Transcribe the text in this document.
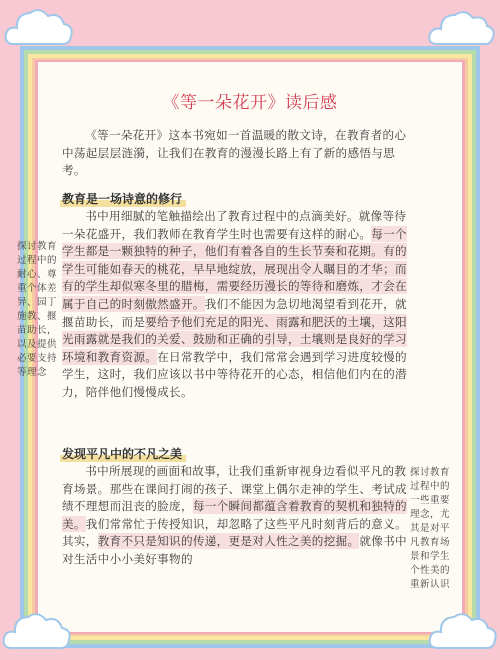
《等一朵花开》读后感

《等一朵花开》这本书宛如一首温暖的散文诗，在教育者的心中荡起层层涟漪，让我们在教育的漫漫长路上有了新的感悟与思考。

教育是一场诗意的修行

书中用细腻的笔触描绘出了教育过程中的点滴美好。就像等待一朵花盛开，我们教师在教育学生时也需要有这样的耐心。每一个学生都是一颗独特的种子，他们有着各自的生长节奏和花期。有的学生可能如春天的桃花，早早地绽放，展现出令人瞩目的才华；而有的学生却似寒冬里的腊梅，需要经历漫长的等待和磨炼，才会在属于自己的时刻傲然盛开。我们不能因为急切地渴望看到花开，就揠苗助长，而是要给予他们充足的阳光、雨露和肥沃的土壤，这阳光雨露就是我们的关爱、鼓励和正确的引导，土壤则是良好的学习环境和教育资源。在日常教学中，我们常常会遇到学习进度较慢的学生，这时，我们应该以书中等待花开的心态，相信他们内在的潜力，陪伴他们慢慢成长。

发现平凡中的不凡之美

书中所展现的画面和故事，让我们重新审视身边看似平凡的教育场景。那些在课间打闹的孩子、课堂上偶尔走神的学生、考试成绩不理想而沮丧的脸庞，每一个瞬间都蕴含着教育的契机和独特的美。我们常常忙于传授知识，却忽略了这些平凡时刻背后的意义。其实，教育不只是知识的传递，更是对人性之美的挖掘。就像书中对生活中小小美好事物的

探讨教育
过程中的
耐心、尊
重个体差
异、园丁
施教、揠
苗助长，
以及提供
必要支持
等理念
探讨教育
过程中的
一些重要
理念，尤
其是对平
凡教育场
景和学生
个性美的
重新认识
